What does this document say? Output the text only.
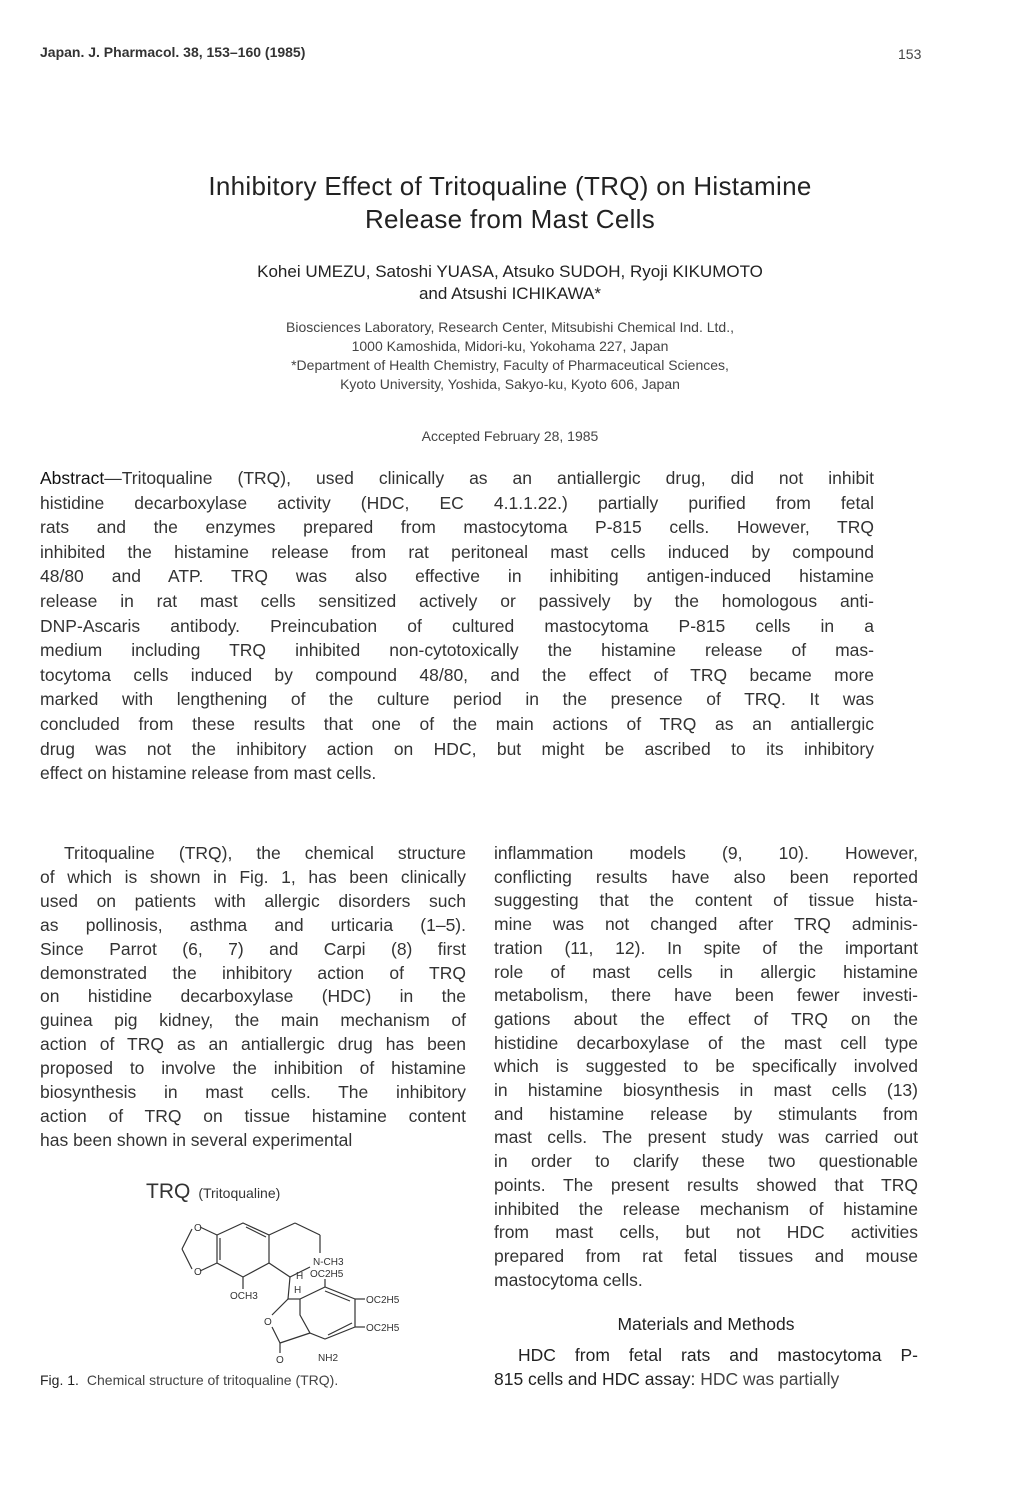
Japan. J. Pharmacol. 38, 153–160 (1985)	153
Inhibitory Effect of Tritoqualine (TRQ) on Histamine
Release from Mast Cells
Kohei UMEZU, Satoshi YUASA, Atsuko SUDOH, Ryoji KIKUMOTO
and Atsushi ICHIKAWA*
Biosciences Laboratory, Research Center, Mitsubishi Chemical Ind. Ltd.,
1000 Kamoshida, Midori-ku, Yokohama 227, Japan
*Department of Health Chemistry, Faculty of Pharmaceutical Sciences,
Kyoto University, Yoshida, Sakyo-ku, Kyoto 606, Japan
Accepted February 28, 1985
Abstract—Tritoqualine (TRQ), used clinically as an antiallergic drug, did not inhibit
histidine decarboxylase activity (HDC, EC 4.1.1.22.) partially purified from fetal
rats and the enzymes prepared from mastocytoma P-815 cells. However, TRQ
inhibited the histamine release from rat peritoneal mast cells induced by compound
48/80 and ATP. TRQ was also effective in inhibiting antigen-induced histamine
release in rat mast cells sensitized actively or passively by the homologous anti-
DNP-Ascaris antibody. Preincubation of cultured mastocytoma P-815 cells in a
medium including TRQ inhibited non-cytotoxically the histamine release of mas-
tocytoma cells induced by compound 48/80, and the effect of TRQ became more
marked with lengthening of the culture period in the presence of TRQ. It was
concluded from these results that one of the main actions of TRQ as an antiallergic
drug was not the inhibitory action on HDC, but might be ascribed to its inhibitory
effect on histamine release from mast cells.
Tritoqualine (TRQ), the chemical structure
of which is shown in Fig. 1, has been clinically
used on patients with allergic disorders such
as pollinosis, asthma and urticaria (1–5).
Since Parrot (6, 7) and Carpi (8) first
demonstrated the inhibitory action of TRQ
on histidine decarboxylase (HDC) in the
guinea pig kidney, the main mechanism of
action of TRQ as an antiallergic drug has been
proposed to involve the inhibition of histamine
biosynthesis in mast cells. The inhibitory
action of TRQ on tissue histamine content
has been shown in several experimental
inflammation models (9, 10). However,
conflicting results have also been reported
suggesting that the content of tissue hista-
mine was not changed after TRQ adminis-
tration (11, 12). In spite of the important
role of mast cells in allergic histamine
metabolism, there have been fewer investi-
gations about the effect of TRQ on the
histidine decarboxylase of the mast cell type
which is suggested to be specifically involved
in histamine biosynthesis in mast cells (13)
and histamine release by stimulants from
mast cells. The present study was carried out
in order to clarify these two questionable
points. The present results showed that TRQ
inhibited the release mechanism of histamine
from mast cells, but not HDC activities
prepared from rat fetal tissues and mouse
mastocytoma cells.
Materials and Methods
HDC from fetal rats and mastocytoma P-
815 cells and HDC assay: HDC was partially
TRQ (Tritoqualine)
O
O
N-CH3
H
H
OCH3
OC2H5
OC2H5
OC2H5
O
O	NH2
Fig. 1. Chemical structure of tritoqualine (TRQ).
